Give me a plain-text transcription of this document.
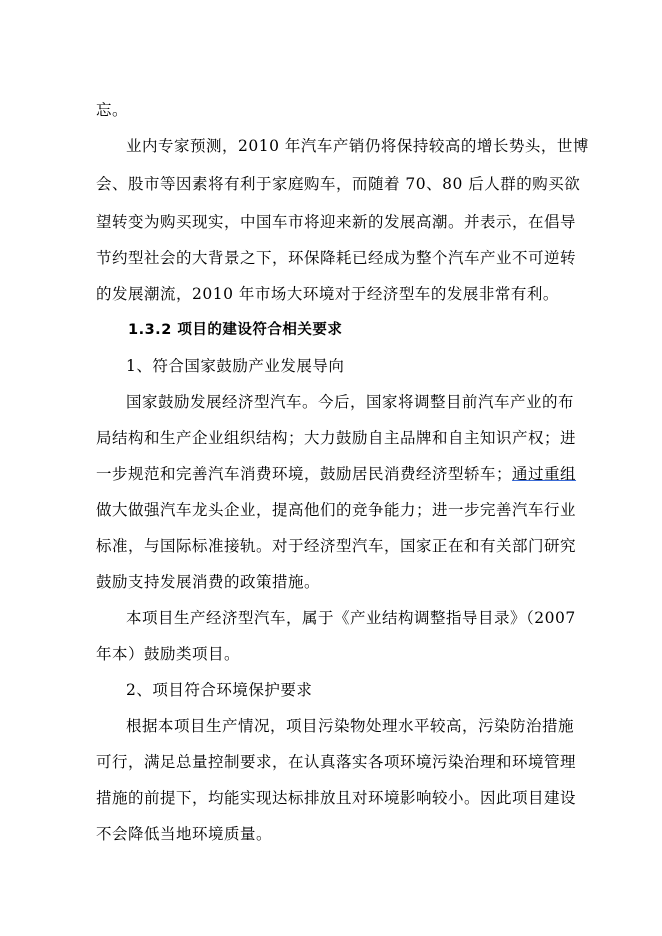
忘。
业内专家预测，2010 年汽车产销仍将保持较高的增长势头，世博
会、股市等因素将有利于家庭购车，而随着 70、80 后人群的购买欲
望转变为购买现实，中国车市将迎来新的发展高潮。并表示，在倡导
节约型社会的大背景之下，环保降耗已经成为整个汽车产业不可逆转
的发展潮流，2010 年市场大环境对于经济型车的发展非常有利。
1.3.2 项目的建设符合相关要求
1、符合国家鼓励产业发展导向
国家鼓励发展经济型汽车。今后，国家将调整目前汽车产业的布
局结构和生产企业组织结构；大力鼓励自主品牌和自主知识产权；进
一步规范和完善汽车消费环境，鼓励居民消费经济型轿车；通过重组
做大做强汽车龙头企业，提高他们的竞争能力；进一步完善汽车行业
标准，与国际标准接轨。对于经济型汽车，国家正在和有关部门研究
鼓励支持发展消费的政策措施。
本项目生产经济型汽车，属于《产业结构调整指导目录》（2007
年本）鼓励类项目。
2、项目符合环境保护要求
根据本项目生产情况，项目污染物处理水平较高，污染防治措施
可行，满足总量控制要求，在认真落实各项环境污染治理和环境管理
措施的前提下，均能实现达标排放且对环境影响较小。因此项目建设
不会降低当地环境质量。
